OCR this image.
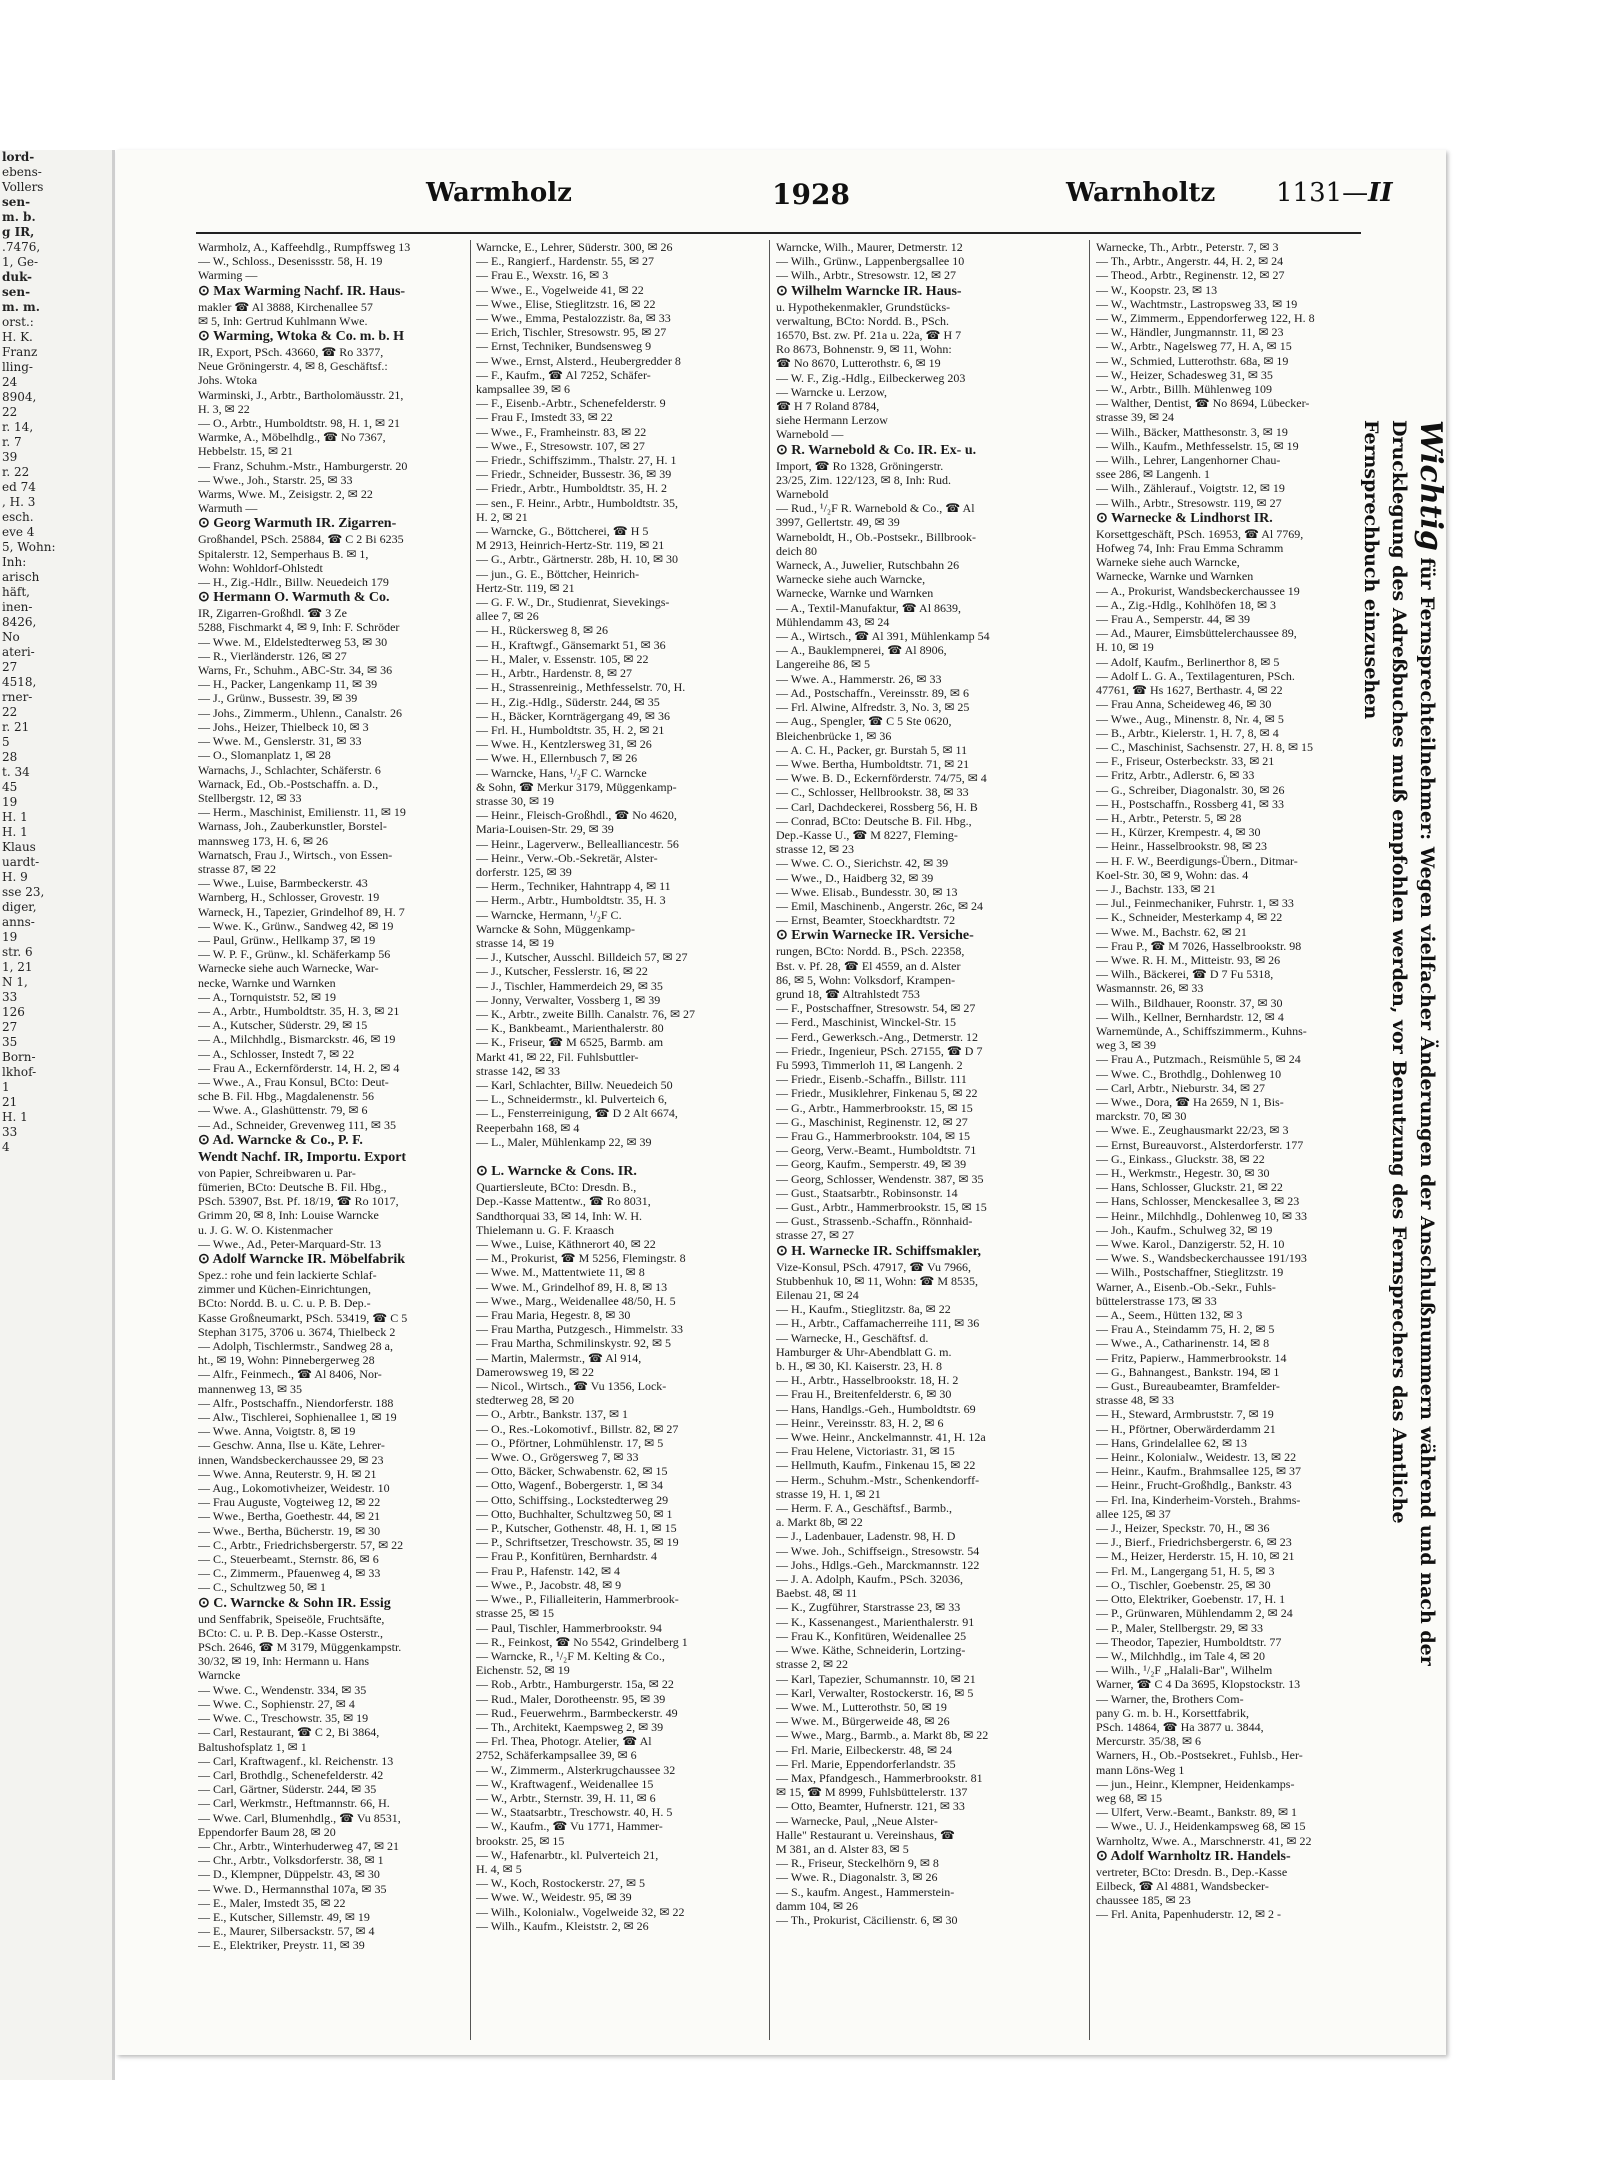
lord-
ebens-
Vollers
sen-
m. b.
g IR,
.7476,
1, Ge-
duk-
sen-
m. m.
orst.:
H. K.
Franz
lling-
24
8904,
22
r. 14,
r. 7
39
r. 22
ed 74
, H. 3
esch.
eve 4
5, Wohn:
Inh:
arisch
häft,
inen-
8426,
No
ateri-
27
4518,
rner-
22
r. 21
5
28
t. 34
45
19
H. 1
H. 1
Klaus
uardt-
H. 9
sse 23,
diger,
anns-
19
str. 6
1, 21
N 1,
33
126
27
35
Born-
lkhof-
1
21
H. 1
33
4
Warmholz	1928	Warnholtz 1131—II
Warmholz, A., Kaffeehdlg., Rumpffsweg 13
— W., Schloss., Desenissstr. 58, H. 19
Warming —
⊙ Max Warming Nachf. IR. Haus-
makler ☎ Al 3888, Kirchenallee 57
✉ 5, Inh: Gertrud Kuhlmann Wwe.
⊙ Warming, Wtoka & Co. m. b. H
IR, Export, PSch. 43660, ☎ Ro 3377,
Neue Gröningerstr. 4, ✉ 8, Geschäftsf.:
Johs. Wtoka
Warminski, J., Arbtr., Bartholomäusstr. 21,
H. 3, ✉ 22
— O., Arbtr., Humboldtstr. 98, H. 1, ✉ 21
Warmke, A., Möbelhdlg., ☎ No 7367,
Hebbelstr. 15, ✉ 21
— Franz, Schuhm.-Mstr., Hamburgerstr. 20
— Wwe., Joh., Starstr. 25, ✉ 33
Warms, Wwe. M., Zeisigstr. 2, ✉ 22
Warmuth —
⊙ Georg Warmuth IR. Zigarren-
Großhandel, PSch. 25884, ☎ C 2 Bi 6235
Spitalerstr. 12, Semperhaus B. ✉ 1,
Wohn: Wohldorf-Ohlstedt
— H., Zig.-Hdlr., Billw. Neuedeich 179
⊙ Hermann O. Warmuth & Co.
IR, Zigarren-Großhdl. ☎ 3 Ze
5288, Fischmarkt 4, ✉ 9, Inh: F. Schröder
— Wwe. M., Eldelstedterweg 53, ✉ 30
— R., Vierländerstr. 126, ✉ 27
Warns, Fr., Schuhm., ABC-Str. 34, ✉ 36
— H., Packer, Langenkamp 11, ✉ 39
— J., Grünw., Bussestr. 39, ✉ 39
— Johs., Zimmerm., Uhlenn., Canalstr. 26
— Johs., Heizer, Thielbeck 10, ✉ 3
— Wwe. M., Genslerstr. 31, ✉ 33
— O., Slomanplatz 1, ✉ 28
Warnachs, J., Schlachter, Schäferstr. 6
Warnack, Ed., Ob.-Postschaffn. a. D.,
Stellbergstr. 12, ✉ 33
— Herm., Maschinist, Emilienstr. 11, ✉ 19
Warnass, Joh., Zauberkunstler, Borstel-
mannsweg 173, H. 6, ✉ 26
Warnatsch, Frau J., Wirtsch., von Essen-
strasse 87, ✉ 22
— Wwe., Luise, Barmbeckerstr. 43
Warnberg, H., Schlosser, Grovestr. 19
Warneck, H., Tapezier, Grindelhof 89, H. 7
— Wwe. K., Grünw., Sandweg 42, ✉ 19
— Paul, Grünw., Hellkamp 37, ✉ 19
— W. P. F., Grünw., kl. Schäferkamp 56
Warnecke siehe auch Warnecke, War-
necke, Warnke und Warnken
— A., Tornquiststr. 52, ✉ 19
— A., Arbtr., Humboldtstr. 35, H. 3, ✉ 21
— A., Kutscher, Süderstr. 29, ✉ 15
— A., Milchhdlg., Bismarckstr. 46, ✉ 19
— A., Schlosser, Instedt 7, ✉ 22
— Frau A., Eckernförderstr. 14, H. 2, ✉ 4
— Wwe., A., Frau Konsul, BCto: Deut-
sche B. Fil. Hbg., Magdalenenstr. 56
— Wwe. A., Glashüttenstr. 79, ✉ 6
— Ad., Schneider, Grevenweg 111, ✉ 35
⊙ Ad. Warncke & Co., P. F.
Wendt Nachf. IR, Importu. Export
von Papier, Schreibwaren u. Par-
fümerien, BCto: Deutsche B. Fil. Hbg.,
PSch. 53907, Bst. Pf. 18/19, ☎ Ro 1017,
Grimm 20, ✉ 8, Inh: Louise Warncke
u. J. G. W. O. Kistenmacher
— Wwe., Ad., Peter-Marquard-Str. 13
⊙ Adolf Warncke IR. Möbelfabrik
Spez.: rohe und fein lackierte Schlaf-
zimmer und Küchen-Einrichtungen,
BCto: Nordd. B. u. C. u. P. B. Dep.-
Kasse Großneumarkt, PSch. 53419, ☎ C 5
Stephan 3175, 3706 u. 3674, Thielbeck 2
— Adolph, Tischlermstr., Sandweg 28 a,
ht., ✉ 19, Wohn: Pinnebergerweg 28
— Alfr., Feinmech., ☎ Al 8406, Nor-
mannenweg 13, ✉ 35
— Alfr., Postschaffn., Niendorferstr. 188
— Alw., Tischlerei, Sophienallee 1, ✉ 19
— Wwe. Anna, Voigtstr. 8, ✉ 19
— Geschw. Anna, Ilse u. Käte, Lehrer-
innen, Wandsbeckerchaussee 29, ✉ 23
— Wwe. Anna, Reuterstr. 9, H. ✉ 21
— Aug., Lokomotivheizer, Weidestr. 10
— Frau Auguste, Vogteiweg 12, ✉ 22
— Wwe., Bertha, Goethestr. 44, ✉ 21
— Wwe., Bertha, Bücherstr. 19, ✉ 30
— C., Arbtr., Friedrichsbergerstr. 57, ✉ 22
— C., Steuerbeamt., Sternstr. 86, ✉ 6
— C., Zimmerm., Pfauenweg 4, ✉ 33
— C., Schultzweg 50, ✉ 1
⊙ C. Warncke & Sohn IR. Essig
und Senffabrik, Speiseöle, Fruchtsäfte,
BCto: C. u. P. B. Dep.-Kasse Osterstr.,
PSch. 2646, ☎ M 3179, Müggenkampstr.
30/32, ✉ 19, Inh: Hermann u. Hans
Warncke
— Wwe. C., Wendenstr. 334, ✉ 35
— Wwe. C., Sophienstr. 27, ✉ 4
— Wwe. C., Treschowstr. 35, ✉ 19
— Carl, Restaurant, ☎ C 2, Bi 3864,
Baltushofsplatz 1, ✉ 1
— Carl, Kraftwagenf., kl. Reichenstr. 13
— Carl, Brothdlg., Schenefelderstr. 42
— Carl, Gärtner, Süderstr. 244, ✉ 35
— Carl, Werkmstr., Heftmannstr. 66, H.
— Wwe. Carl, Blumenhdlg., ☎ Vu 8531,
Eppendorfer Baum 28, ✉ 20
— Chr., Arbtr., Winterhuderweg 47, ✉ 21
— Chr., Arbtr., Volksdorferstr. 38, ✉ 1
— D., Klempner, Düppelstr. 43, ✉ 30
— Wwe. D., Hermannsthal 107a, ✉ 35
— E., Maler, Imstedt 35, ✉ 22
— E., Kutscher, Sillemstr. 49, ✉ 19
— E., Maurer, Silbersackstr. 57, ✉ 4
— E., Elektriker, Preystr. 11, ✉ 39
Warncke, E., Lehrer, Süderstr. 300, ✉ 26
— E., Rangierf., Hardenstr. 55, ✉ 27
— Frau E., Wexstr. 16, ✉ 3
— Wwe., E., Vogelweide 41, ✉ 22
— Wwe., Elise, Stieglitzstr. 16, ✉ 22
— Wwe., Emma, Pestalozzistr. 8a, ✉ 33
— Erich, Tischler, Stresowstr. 95, ✉ 27
— Ernst, Techniker, Bundsensweg 9
— Wwe., Ernst, Alsterd., Heubergredder 8
— F., Kaufm., ☎ Al 7252, Schäfer-
kampsallee 39, ✉ 6
— F., Eisenb.-Arbtr., Schenefelderstr. 9
— Frau F., Imstedt 33, ✉ 22
— Wwe., F., Framheinstr. 83, ✉ 22
— Wwe., F., Stresowstr. 107, ✉ 27
— Friedr., Schiffszimm., Thalstr. 27, H. 1
— Friedr., Schneider, Bussestr. 36, ✉ 39
— Friedr., Arbtr., Humboldtstr. 35, H. 2
— sen., F. Heinr., Arbtr., Humboldtstr. 35,
H. 2, ✉ 21
— Warncke, G., Böttcherei, ☎ H 5
M 2913, Heinrich-Hertz-Str. 119, ✉ 21
— G., Arbtr., Gärtnerstr. 28b, H. 10, ✉ 30
— jun., G. E., Böttcher, Heinrich-
Hertz-Str. 119, ✉ 21
— G. F. W., Dr., Studienrat, Sievekings-
allee 7, ✉ 26
— H., Rückersweg 8, ✉ 26
— H., Kraftwgf., Gänsemarkt 51, ✉ 36
— H., Maler, v. Essenstr. 105, ✉ 22
— H., Arbtr., Hardenstr. 8, ✉ 27
— H., Strassenreinig., Methfesselstr. 70, H.
— H., Zig.-Hdlg., Süderstr. 244, ✉ 35
— H., Bäcker, Kornträgergang 49, ✉ 36
— Frl. H., Humboldtstr. 35, H. 2, ✉ 21
— Wwe. H., Kentzlersweg 31, ✉ 26
— Wwe. H., Ellernbusch 7, ✉ 26
— Warncke, Hans, ¹/₂F C. Warncke
& Sohn, ☎ Merkur 3179, Müggenkamp-
strasse 30, ✉ 19
— Heinr., Fleisch-Großhdl., ☎ No 4620,
Maria-Louisen-Str. 29, ✉ 39
— Heinr., Lagerverw., Bellealliancestr. 56
— Heinr., Verw.-Ob.-Sekretär, Alster-
dorferstr. 125, ✉ 39
— Herm., Techniker, Hahntrapp 4, ✉ 11
— Herm., Arbtr., Humboldtstr. 35, H. 3
— Warncke, Hermann, ¹/₂F C.
Warncke & Sohn, Müggenkamp-
strasse 14, ✉ 19
— J., Kutscher, Ausschl. Billdeich 57, ✉ 27
— J., Kutscher, Fesslerstr. 16, ✉ 22
— J., Tischler, Hammerdeich 29, ✉ 35
— Jonny, Verwalter, Vossberg 1, ✉ 39
— K., Arbtr., zweite Billh. Canalstr. 76, ✉ 27
— K., Bankbeamt., Marienthalerstr. 80
— K., Friseur, ☎ M 6525, Barmb. am
Markt 41, ✉ 22, Fil. Fuhlsbuttler-
strasse 142, ✉ 33
— Karl, Schlachter, Billw. Neuedeich 50
— L., Schneidermstr., kl. Pulverteich 6,
— L., Fensterreinigung, ☎ D 2 Alt 6674,
Reeperbahn 168, ✉ 4
— L., Maler, Mühlenkamp 22, ✉ 39

⊙ L. Warncke & Cons. IR.
Quartiersleute, BCto: Dresdn. B.,
Dep.-Kasse Mattentw., ☎ Ro 8031,
Sandthorquai 33, ✉ 14, Inh: W. H.
Thielemann u. G. F. Kraasch
— Wwe., Luise, Käthnerort 40, ✉ 22
— M., Prokurist, ☎ M 5256, Flemingstr. 8
— Wwe. M., Mattentwiete 11, ✉ 8
— Wwe. M., Grindelhof 89, H. 8, ✉ 13
— Wwe., Marg., Weidenallee 48/50, H. 5
— Frau Maria, Hegestr. 8, ✉ 30
— Frau Martha, Putzgesch., Himmelstr. 33
— Frau Martha, Schmilinskystr. 92, ✉ 5
— Martin, Malermstr., ☎ Al 914,
Damerowsweg 19, ✉ 22
— Nicol., Wirtsch., ☎ Vu 1356, Lock-
stedterweg 28, ✉ 20
— O., Arbtr., Bankstr. 137, ✉ 1
— O., Res.-Lokomotivf., Billstr. 82, ✉ 27
— O., Pförtner, Lohmühlenstr. 17, ✉ 5
— Wwe. O., Grögersweg 7, ✉ 33
— Otto, Bäcker, Schwabenstr. 62, ✉ 15
— Otto, Wagenf., Bobergerstr. 1, ✉ 34
— Otto, Schiffsing., Lockstedterweg 29
— Otto, Buchhalter, Schultzweg 50, ✉ 1
— P., Kutscher, Gothenstr. 48, H. 1, ✉ 15
— P., Schriftsetzer, Treschowstr. 35, ✉ 19
— Frau P., Konfitüren, Bernhardstr. 4
— Frau P., Hafenstr. 142, ✉ 4
— Wwe., P., Jacobstr. 48, ✉ 9
— Wwe., P., Filialleiterin, Hammerbrook-
strasse 25, ✉ 15
— Paul, Tischler, Hammerbrookstr. 94
— R., Feinkost, ☎ No 5542, Grindelberg 1
— Warncke, R., ¹/₂F M. Kelting & Co.,
Eichenstr. 52, ✉ 19
— Rob., Arbtr., Hamburgerstr. 15a, ✉ 22
— Rud., Maler, Dorotheenstr. 95, ✉ 39
— Rud., Feuerwehrm., Barmbeckerstr. 49
— Th., Architekt, Kaempsweg 2, ✉ 39
— Frl. Thea, Photogr. Atelier, ☎ Al
2752, Schäferkampsallee 39, ✉ 6
— W., Zimmerm., Alsterkrugchaussee 32
— W., Kraftwagenf., Weidenallee 15
— W., Arbtr., Sternstr. 39, H. 11, ✉ 6
— W., Staatsarbtr., Treschowstr. 40, H. 5
— W., Kaufm., ☎ Vu 1771, Hammer-
brookstr. 25, ✉ 15
— W., Hafenarbtr., kl. Pulverteich 21,
H. 4, ✉ 5
— W., Koch, Rostockerstr. 27, ✉ 5
— Wwe. W., Weidestr. 95, ✉ 39
— Wilh., Kolonialw., Vogelweide 32, ✉ 22
— Wilh., Kaufm., Kleiststr. 2, ✉ 26
Warncke, Wilh., Maurer, Detmerstr. 12
— Wilh., Grünw., Lappenbergsallee 10
— Wilh., Arbtr., Stresowstr. 12, ✉ 27
⊙ Wilhelm Warncke IR. Haus-
u. Hypothekenmakler, Grundstücks-
verwaltung, BCto: Nordd. B., PSch.
16570, Bst. zw. Pf. 21a u. 22a, ☎ H 7
Ro 8673, Bohnenstr. 9, ✉ 11, Wohn:
☎ No 8670, Lutterothstr. 6, ✉ 19
— W. F., Zig.-Hdlg., Eilbeckerweg 203
— Warncke u. Lerzow,
☎ H 7 Roland 8784,
siehe Hermann Lerzow
Warnebold —
⊙ R. Warnebold & Co. IR. Ex- u.
Import, ☎ Ro 1328, Gröningerstr.
23/25, Zim. 122/123, ✉ 8, Inh: Rud.
Warnebold
— Rud., ¹/₂F R. Warnebold & Co., ☎ Al
3997, Gellertstr. 49, ✉ 39
Warneboldt, H., Ob.-Postsekr., Billbrook-
deich 80
Warneck, A., Juwelier, Rutschbahn 26
Warnecke siehe auch Warncke,
Warnecke, Warnke und Warnken
— A., Textil-Manufaktur, ☎ Al 8639,
Mühlendamm 43, ✉ 24
— A., Wirtsch., ☎ Al 391, Mühlenkamp 54
— A., Bauklempnerei, ☎ Al 8906,
Langereihe 86, ✉ 5
— Wwe. A., Hammerstr. 26, ✉ 33
— Ad., Postschaffn., Vereinsstr. 89, ✉ 6
— Frl. Alwine, Alfredstr. 3, No. 3, ✉ 25
— Aug., Spengler, ☎ C 5 Ste 0620,
Bleichenbrücke 1, ✉ 36
— A. C. H., Packer, gr. Burstah 5, ✉ 11
— Wwe. Bertha, Humboldtstr. 71, ✉ 21
— Wwe. B. D., Eckernförderstr. 74/75, ✉ 4
— C., Schlosser, Hellbrookstr. 38, ✉ 33
— Carl, Dachdeckerei, Rossberg 56, H. B
— Conrad, BCto: Deutsche B. Fil. Hbg.,
Dep.-Kasse U., ☎ M 8227, Fleming-
strasse 12, ✉ 23
— Wwe. C. O., Sierichstr. 42, ✉ 39
— Wwe., D., Haidberg 32, ✉ 39
— Wwe. Elisab., Bundesstr. 30, ✉ 13
— Emil, Maschinenb., Angerstr. 26c, ✉ 24
— Ernst, Beamter, Stoeckhardtstr. 72
⊙ Erwin Warnecke IR. Versiche-
rungen, BCto: Nordd. B., PSch. 22358,
Bst. v. Pf. 28, ☎ El 4559, an d. Alster
86, ✉ 5, Wohn: Volksdorf, Krampen-
grund 18, ☎ Altrahlstedt 753
— F., Postschaffner, Stresowstr. 54, ✉ 27
— Ferd., Maschinist, Winckel-Str. 15
— Ferd., Gewerksch.-Ang., Detmerstr. 12
— Friedr., Ingenieur, PSch. 27155, ☎ D 7
Fu 5993, Timmerloh 11, ✉ Langenh. 2
— Friedr., Eisenb.-Schaffn., Billstr. 111
— Friedr., Musiklehrer, Finkenau 5, ✉ 22
— G., Arbtr., Hammerbrookstr. 15, ✉ 15
— G., Maschinist, Reginenstr. 12, ✉ 27
— Frau G., Hammerbrookstr. 104, ✉ 15
— Georg, Verw.-Beamt., Humboldtstr. 71
— Georg, Kaufm., Semperstr. 49, ✉ 39
— Georg, Schlosser, Wendenstr. 387, ✉ 35
— Gust., Staatsarbtr., Robinsonstr. 14
— Gust., Arbtr., Hammerbrookstr. 15, ✉ 15
— Gust., Strassenb.-Schaffn., Rönnhaid-
strasse 27, ✉ 27
⊙ H. Warnecke IR. Schiffsmakler,
Vize-Konsul, PSch. 47917, ☎ Vu 7966,
Stubbenhuk 10, ✉ 11, Wohn: ☎ M 8535,
Eilenau 21, ✉ 24
— H., Kaufm., Stieglitzstr. 8a, ✉ 22
— H., Arbtr., Caffamacherreihe 111, ✉ 36
— Warnecke, H., Geschäftsf. d.
Hamburger & Uhr-Abendblatt G. m.
b. H., ✉ 30, Kl. Kaiserstr. 23, H. 8
— H., Arbtr., Hasselbrookstr. 18, H. 2
— Frau H., Breitenfelderstr. 6, ✉ 30
— Hans, Handlgs.-Geh., Humboldtstr. 69
— Heinr., Vereinsstr. 83, H. 2, ✉ 6
— Wwe. Heinr., Anckelmannstr. 41, H. 12a
— Frau Helene, Victoriastr. 31, ✉ 15
— Hellmuth, Kaufm., Finkenau 15, ✉ 22
— Herm., Schuhm.-Mstr., Schenkendorff-
strasse 19, H. 1, ✉ 21
— Herm. F. A., Geschäftsf., Barmb.,
a. Markt 8b, ✉ 22
— J., Ladenbauer, Ladenstr. 98, H. D
— Wwe. Joh., Schiffseign., Stresowstr. 54
— Johs., Hdlgs.-Geh., Marckmannstr. 122
— J. A. Adolph, Kaufm., PSch. 32036,
Baebst. 48, ✉ 11
— K., Zugführer, Starstrasse 23, ✉ 33
— K., Kassenangest., Marienthalerstr. 91
— Frau K., Konfitüren, Weidenallee 25
— Wwe. Käthe, Schneiderin, Lortzing-
strasse 2, ✉ 22
— Karl, Tapezier, Schumannstr. 10, ✉ 21
— Karl, Verwalter, Rostockerstr. 16, ✉ 5
— Wwe. M., Lutterothstr. 50, ✉ 19
— Wwe. M., Bürgerweide 48, ✉ 26
— Wwe., Marg., Barmb., a. Markt 8b, ✉ 22
— Frl. Marie, Eilbeckerstr. 48, ✉ 24
— Frl. Marie, Eppendorferlandstr. 35
— Max, Pfandgesch., Hammerbrookstr. 81
✉ 15, ☎ M 8999, Fuhlsbüttelerstr. 137
— Otto, Beamter, Hufnerstr. 121, ✉ 33
— Warnecke, Paul, „Neue Alster-
Halle" Restaurant u. Vereinshaus, ☎
M 381, an d. Alster 83, ✉ 5
— R., Friseur, Steckelhörn 9, ✉ 8
— Wwe. R., Diagonalstr. 3, ✉ 26
— S., kaufm. Angest., Hammerstein-
damm 104, ✉ 26
— Th., Prokurist, Cäcilienstr. 6, ✉ 30
Warnecke, Th., Arbtr., Peterstr. 7, ✉ 3
— Th., Arbtr., Angerstr. 44, H. 2, ✉ 24
— Theod., Arbtr., Reginenstr. 12, ✉ 27
— W., Koopstr. 23, ✉ 13
— W., Wachtmstr., Lastropsweg 33, ✉ 19
— W., Zimmerm., Eppendorferweg 122, H. 8
— W., Händler, Jungmannstr. 11, ✉ 23
— W., Arbtr., Nagelsweg 77, H. A, ✉ 15
— W., Schmied, Lutterothstr. 68a, ✉ 19
— W., Heizer, Schadesweg 31, ✉ 35
— W., Arbtr., Billh. Mühlenweg 109
— Walther, Dentist, ☎ No 8694, Lübecker-
strasse 39, ✉ 24
— Wilh., Bäcker, Matthesonstr. 3, ✉ 19
— Wilh., Kaufm., Methfesselstr. 15, ✉ 19
— Wilh., Lehrer, Langenhorner Chau-
ssee 286, ✉ Langenh. 1
— Wilh., Zählerauf., Voigtstr. 12, ✉ 19
— Wilh., Arbtr., Stresowstr. 119, ✉ 27
⊙ Warnecke & Lindhorst IR.
Korsettgeschäft, PSch. 16953, ☎ Al 7769,
Hofweg 74, Inh: Frau Emma Schramm
Warneke siehe auch Warncke,
Warnecke, Warnke und Warnken
— A., Prokurist, Wandsbeckerchaussee 19
— A., Zig.-Hdlg., Kohlhöfen 18, ✉ 3
— Frau A., Semperstr. 44, ✉ 39
— Ad., Maurer, Eimsbüttelerchaussee 89,
H. 10, ✉ 19
— Adolf, Kaufm., Berlinerthor 8, ✉ 5
— Adolf L. G. A., Textilagenturen, PSch.
47761, ☎ Hs 1627, Berthastr. 4, ✉ 22
— Frau Anna, Scheideweg 46, ✉ 30
— Wwe., Aug., Minenstr. 8, Nr. 4, ✉ 5
— B., Arbtr., Kielerstr. 1, H. 7, 8, ✉ 4
— C., Maschinist, Sachsenstr. 27, H. 8, ✉ 15
— F., Friseur, Osterbeckstr. 33, ✉ 21
— Fritz, Arbtr., Adlerstr. 6, ✉ 33
— G., Schreiber, Diagonalstr. 30, ✉ 26
— H., Postschaffn., Rossberg 41, ✉ 33
— H., Arbtr., Peterstr. 5, ✉ 28
— H., Kürzer, Krempestr. 4, ✉ 30
— Heinr., Hasselbrookstr. 98, ✉ 23
— H. F. W., Beerdigungs-Übern., Ditmar-
Koel-Str. 30, ✉ 9, Wohn: das. 4
— J., Bachstr. 133, ✉ 21
— Jul., Feinmechaniker, Fuhrstr. 1, ✉ 33
— K., Schneider, Mesterkamp 4, ✉ 22
— Wwe. M., Bachstr. 62, ✉ 21
— Frau P., ☎ M 7026, Hasselbrookstr. 98
— Wwe. R. H. M., Mitteistr. 93, ✉ 26
— Wilh., Bäckerei, ☎ D 7 Fu 5318,
Wasmannstr. 26, ✉ 33
— Wilh., Bildhauer, Roonstr. 37, ✉ 30
— Wilh., Kellner, Bernhardstr. 12, ✉ 4
Warnemünde, A., Schiffszimmerm., Kuhns-
weg 3, ✉ 39
— Frau A., Putzmach., Reismühle 5, ✉ 24
— Wwe. C., Brothdlg., Dohlenweg 10
— Carl, Arbtr., Nieburstr. 34, ✉ 27
— Wwe., Dora, ☎ Ha 2659, N 1, Bis-
marckstr. 70, ✉ 30
— Wwe. E., Zeughausmarkt 22/23, ✉ 3
— Ernst, Bureauvorst., Alsterdorferstr. 177
— G., Einkass., Gluckstr. 38, ✉ 22
— H., Werkmstr., Hegestr. 30, ✉ 30
— Hans, Schlosser, Gluckstr. 21, ✉ 22
— Hans, Schlosser, Menckesallee 3, ✉ 23
— Heinr., Milchhdlg., Dohlenweg 10, ✉ 33
— Joh., Kaufm., Schulweg 32, ✉ 19
— Wwe. Karol., Danzigerstr. 52, H. 10
— Wwe. S., Wandsbeckerchaussee 191/193
— Wilh., Postschaffner, Stieglitzstr. 19
Warner, A., Eisenb.-Ob.-Sekr., Fuhls-
büttelerstrasse 173, ✉ 33
— A., Seem., Hütten 132, ✉ 3
— Frau A., Steindamm 75, H. 2, ✉ 5
— Wwe., A., Catharinenstr. 14, ✉ 8
— Fritz, Papierw., Hammerbrookstr. 14
— G., Bahnangest., Bankstr. 194, ✉ 1
— Gust., Bureaubeamter, Bramfelder-
strasse 48, ✉ 33
— H., Steward, Armbruststr. 7, ✉ 19
— H., Pförtner, Oberwärderdamm 21
— Hans, Grindelallee 62, ✉ 13
— Heinr., Kolonialw., Weidestr. 13, ✉ 22
— Heinr., Kaufm., Brahmsallee 125, ✉ 37
— Heinr., Frucht-Großhdlg., Bankstr. 43
— Frl. Ina, Kinderheim-Vorsteh., Brahms-
allee 125, ✉ 37
— J., Heizer, Speckstr. 70, H., ✉ 36
— J., Bierf., Friedrichsbergerstr. 6, ✉ 23
— M., Heizer, Herderstr. 15, H. 10, ✉ 21
— Frl. M., Langergang 51, H. 5, ✉ 3
— O., Tischler, Goebenstr. 25, ✉ 30
— Otto, Elektriker, Goebenstr. 17, H. 1
— P., Grünwaren, Mühlendamm 2, ✉ 24
— P., Maler, Stellbergstr. 29, ✉ 33
— Theodor, Tapezier, Humboldtstr. 77
— W., Milchhdlg., im Tale 4, ✉ 20
— Wilh., ¹/₂F „Halali-Bar", Wilhelm
Warner, ☎ C 4 Da 3695, Klopstockstr. 13
— Warner, the, Brothers Com-
pany G. m. b. H., Korsettfabrik,
PSch. 14864, ☎ Ha 3877 u. 3844,
Mercurstr. 35/38, ✉ 6
Warners, H., Ob.-Postsekret., Fuhlsb., Her-
mann Löns-Weg 1
— jun., Heinr., Klempner, Heidenkamps-
weg 68, ✉ 15
— Ulfert, Verw.-Beamt., Bankstr. 89, ✉ 1
— Wwe., U. J., Heidenkampsweg 68, ✉ 15
Warnholtz, Wwe. A., Marschnerstr. 41, ✉ 22
⊙ Adolf Warnholtz IR. Handels-
vertreter, BCto: Dresdn. B., Dep.-Kasse
Eilbeck, ☎ Al 4881, Wandsbecker-
chaussee 185, ✉ 23
— Frl. Anita, Papenhuderstr. 12, ✉ 2 -
Wichtig für Fernsprechteilnehmer: Wegen vielfacher Änderungen der Anschlußnummern während und nach der Drucklegung des Adreßbuches muß empfohlen werden, vor Benutzung des Fernsprechers das Amtliche Fernsprechbuch einzusehen
